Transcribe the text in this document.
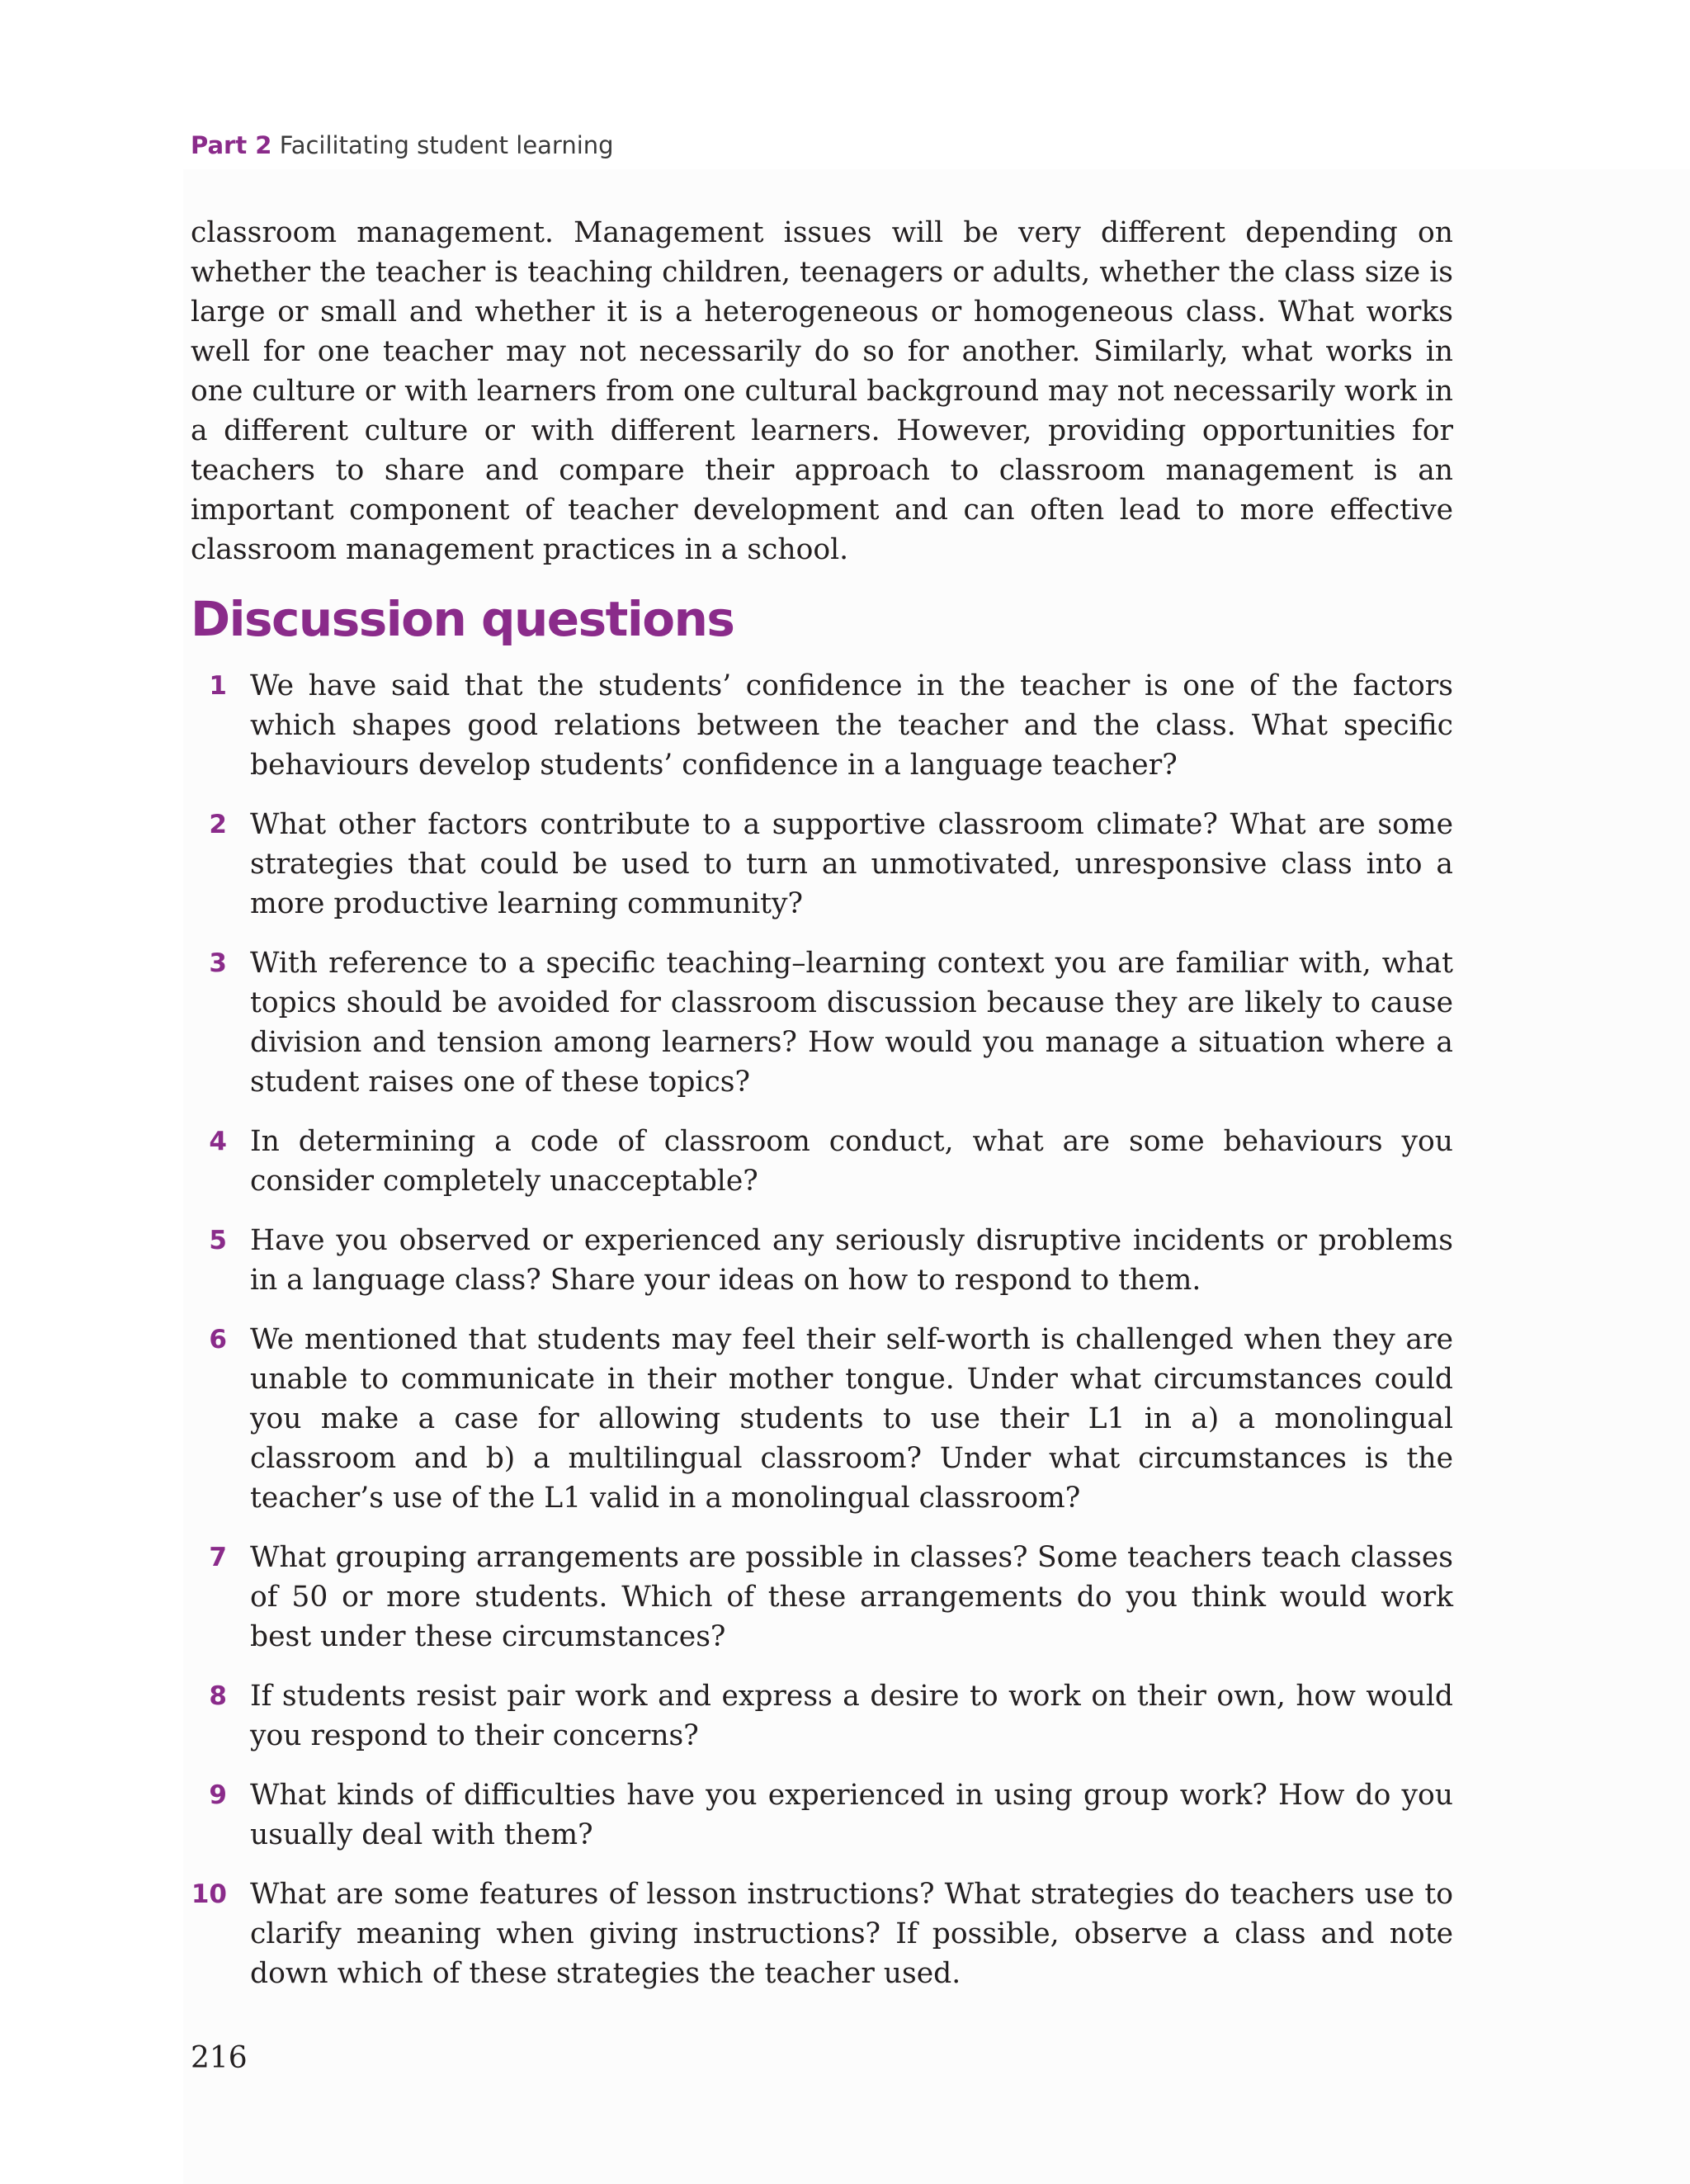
Part 2 Facilitating student learning

classroom management. Management issues will be very different depending on whether the teacher is teaching children, teenagers or adults, whether the class size is large or small and whether it is a heterogeneous or homogeneous class. What works well for one teacher may not necessarily do so for another. Similarly, what works in one culture or with learners from one cultural background may not necessarily work in a different culture or with different learners. However, providing opportunities for teachers to share and compare their approach to classroom management is an important component of teacher development and can often lead to more effective classroom management practices in a school.

Discussion questions
1 We have said that the students’ confidence in the teacher is one of the factors which shapes good relations between the teacher and the class. What specific behaviours develop students’ confidence in a language teacher?
2 What other factors contribute to a supportive classroom climate? What are some strategies that could be used to turn an unmotivated, unresponsive class into a more productive learning community?
3 With reference to a specific teaching–learning context you are familiar with, what topics should be avoided for classroom discussion because they are likely to cause division and tension among learners? How would you manage a situation where a student raises one of these topics?
4 In determining a code of classroom conduct, what are some behaviours you consider completely unacceptable?
5 Have you observed or experienced any seriously disruptive incidents or problems in a language class? Share your ideas on how to respond to them.
6 We mentioned that students may feel their self-worth is challenged when they are unable to communicate in their mother tongue. Under what circumstances could you make a case for allowing students to use their L1 in a) a monolingual classroom and b) a multilingual classroom? Under what circumstances is the teacher’s use of the L1 valid in a monolingual classroom?
7 What grouping arrangements are possible in classes? Some teachers teach classes of 50 or more students. Which of these arrangements do you think would work best under these circumstances?
8 If students resist pair work and express a desire to work on their own, how would you respond to their concerns?
9 What kinds of difficulties have you experienced in using group work? How do you usually deal with them?
10 What are some features of lesson instructions? What strategies do teachers use to clarify meaning when giving instructions? If possible, observe a class and note down which of these strategies the teacher used.
216
